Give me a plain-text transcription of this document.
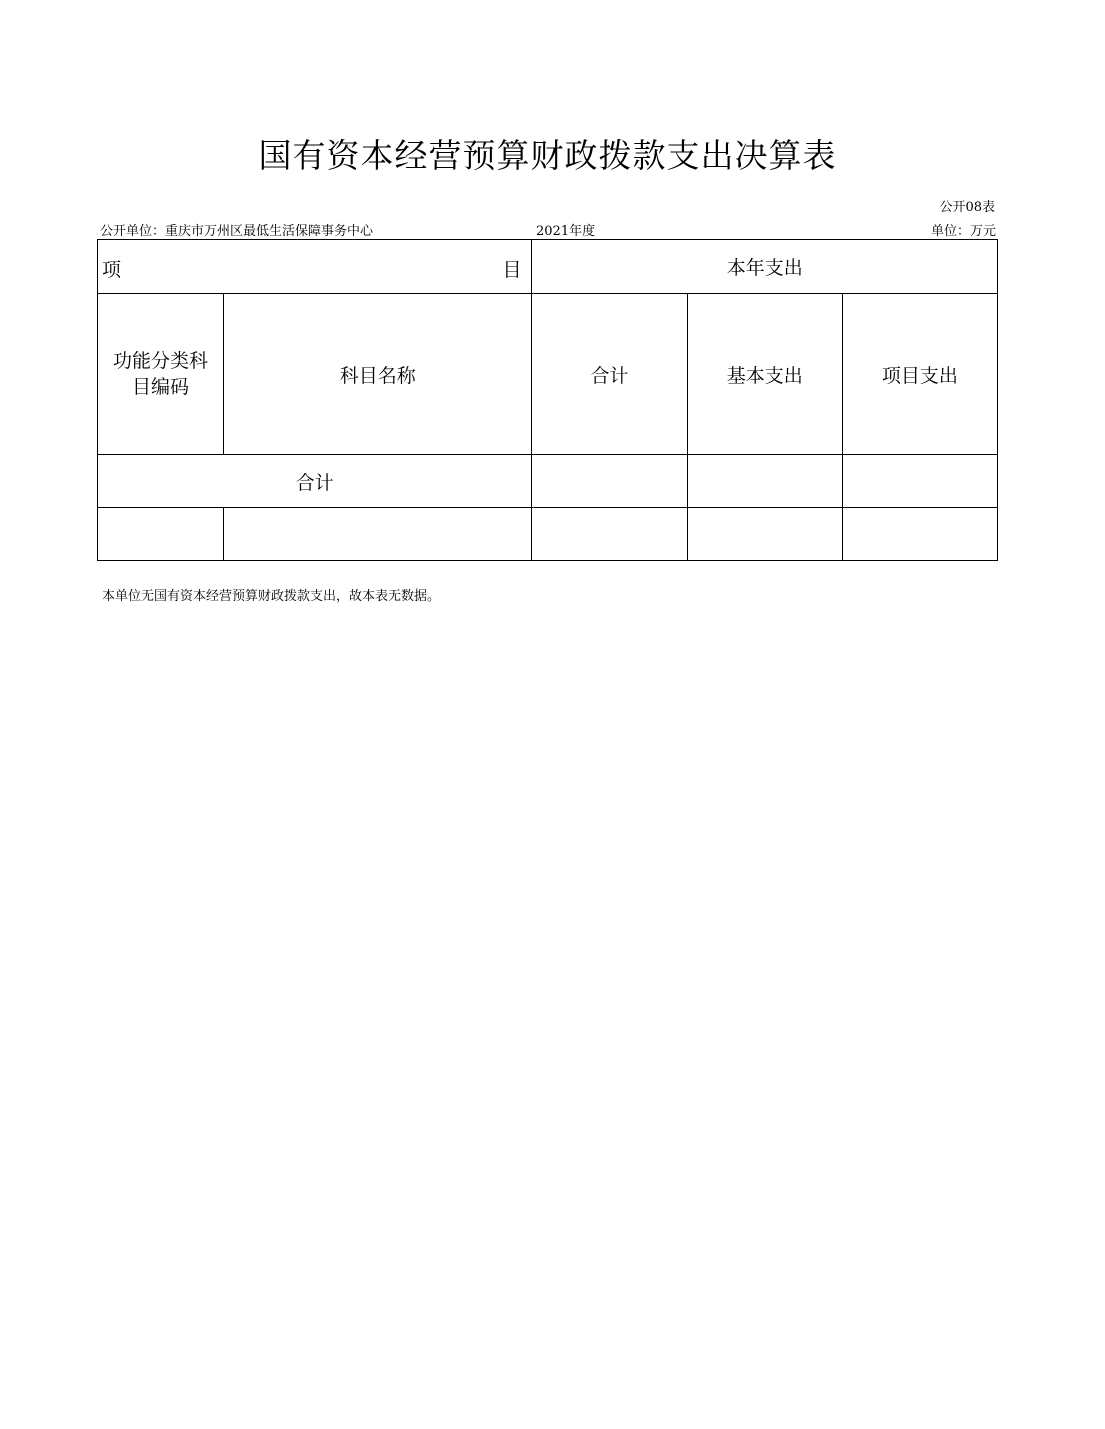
国有资本经营预算财政拨款支出决算表
公开08表
公开单位：重庆市万州区最低生活保障事务中心	2021年度	单位：万元
项 目		本年支出		
功能分类科目编码	科目名称	合计	基本支出	项目支出
合计				

本单位无国有资本经营预算财政拨款支出，故本表无数据。
